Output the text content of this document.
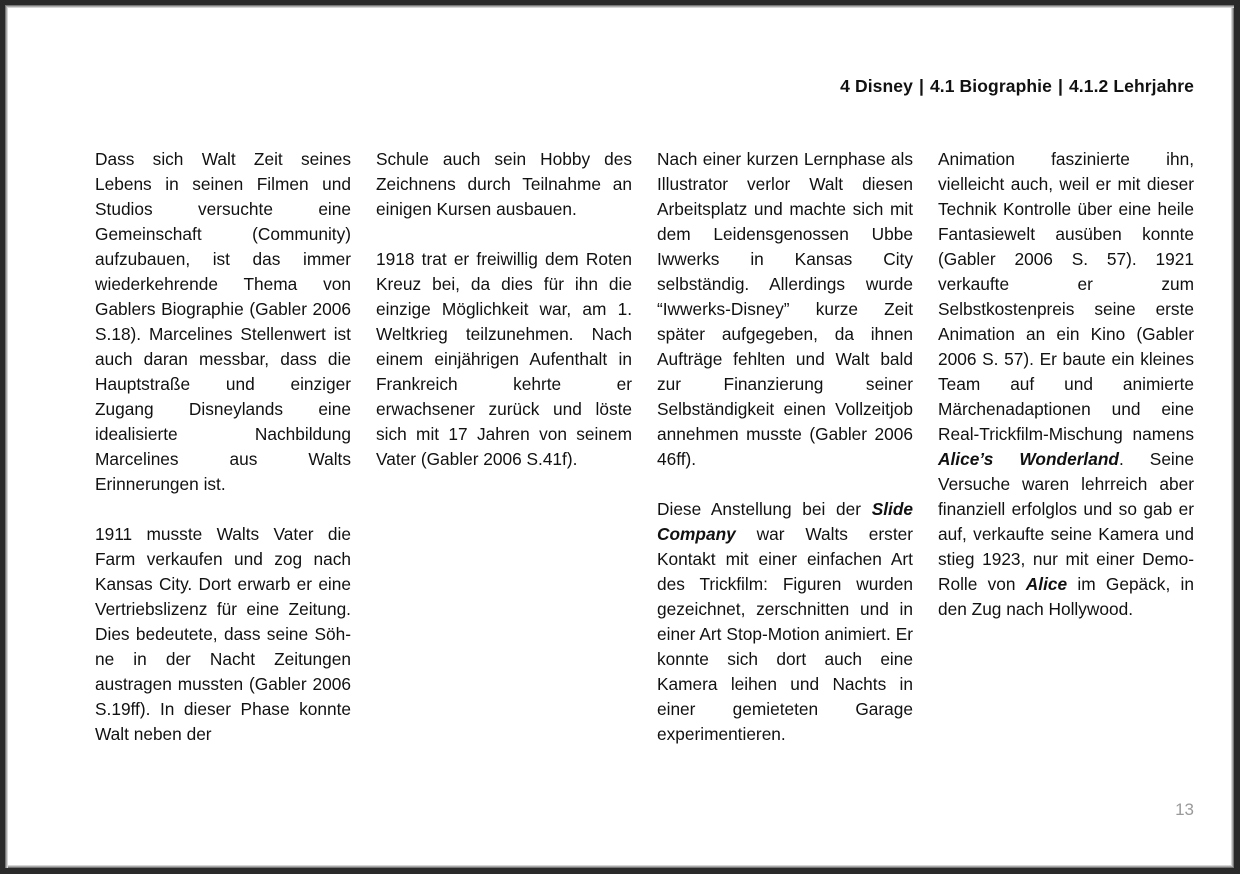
4 Disney | 4.1 Biographie | 4.1.2 Lehrjahre

Dass sich Walt Zeit seines Lebens in seinen Filmen und Studios versuchte eine Gemeinschaft (Community) aufzubauen, ist das immer wiederkehrende Thema von Gablers Biographie (Gabler 2006 S.18). Marcelines Stellenwert ist auch daran messbar, dass die Hauptstraße und einziger Zugang Disneylands eine idealisierte Nachbildung Marcelines aus Walts Erinnerungen ist.

1911 musste Walts Vater die Farm verkaufen und zog nach Kansas City. Dort erwarb er eine Vertriebslizenz für eine Zeitung. Dies bedeutete, dass seine Söhne in der Nacht Zeitungen austragen mussten (Gabler 2006 S.19ff). In dieser Phase konnte Walt neben der

Schule auch sein Hobby des Zeichnens durch Teilnahme an einigen Kursen ausbauen.

1918 trat er freiwillig dem Roten Kreuz bei, da dies für ihn die einzige Möglichkeit war, am 1. Weltkrieg teilzunehmen. Nach einem einjährigen Aufenthalt in Frankreich kehrte er erwachsener zurück und löste sich mit 17 Jahren von seinem Vater (Gabler 2006 S.41f).

Nach einer kurzen Lernphase als Illustrator verlor Walt diesen Arbeitsplatz und machte sich mit dem Leidensgenossen Ubbe Iwwerks in Kansas City selbständig. Allerdings wurde “Iwwerks-Disney” kurze Zeit später aufgegeben, da ihnen Aufträge fehlten und Walt bald zur Finanzierung seiner Selbständigkeit einen Vollzeitjob annehmen musste (Gabler 2006 46ff).

Diese Anstellung bei der Slide Company war Walts erster Kontakt mit einer einfachen Art des Trickfilm: Figuren wurden gezeichnet, zerschnitten und in einer Art Stop-Motion animiert. Er konnte sich dort auch eine Kamera leihen und Nachts in einer gemieteten Garage experimentieren.

Animation faszinierte ihn, vielleicht auch, weil er mit dieser Technik Kontrolle über eine heile Fantasiewelt ausüben konnte (Gabler 2006 S. 57). 1921 verkaufte er zum Selbstkostenpreis seine erste Animation an ein Kino (Gabler 2006 S. 57). Er baute ein kleines Team auf und animierte Märchenadaptionen und eine Real-Trickfilm-Mischung namens Alice’s Wonderland. Seine Versuche waren lehrreich aber finanziell erfolglos und so gab er auf, verkaufte seine Kamera und stieg 1923, nur mit einer Demo-Rolle von Alice im Gepäck, in den Zug nach Hollywood.

13
